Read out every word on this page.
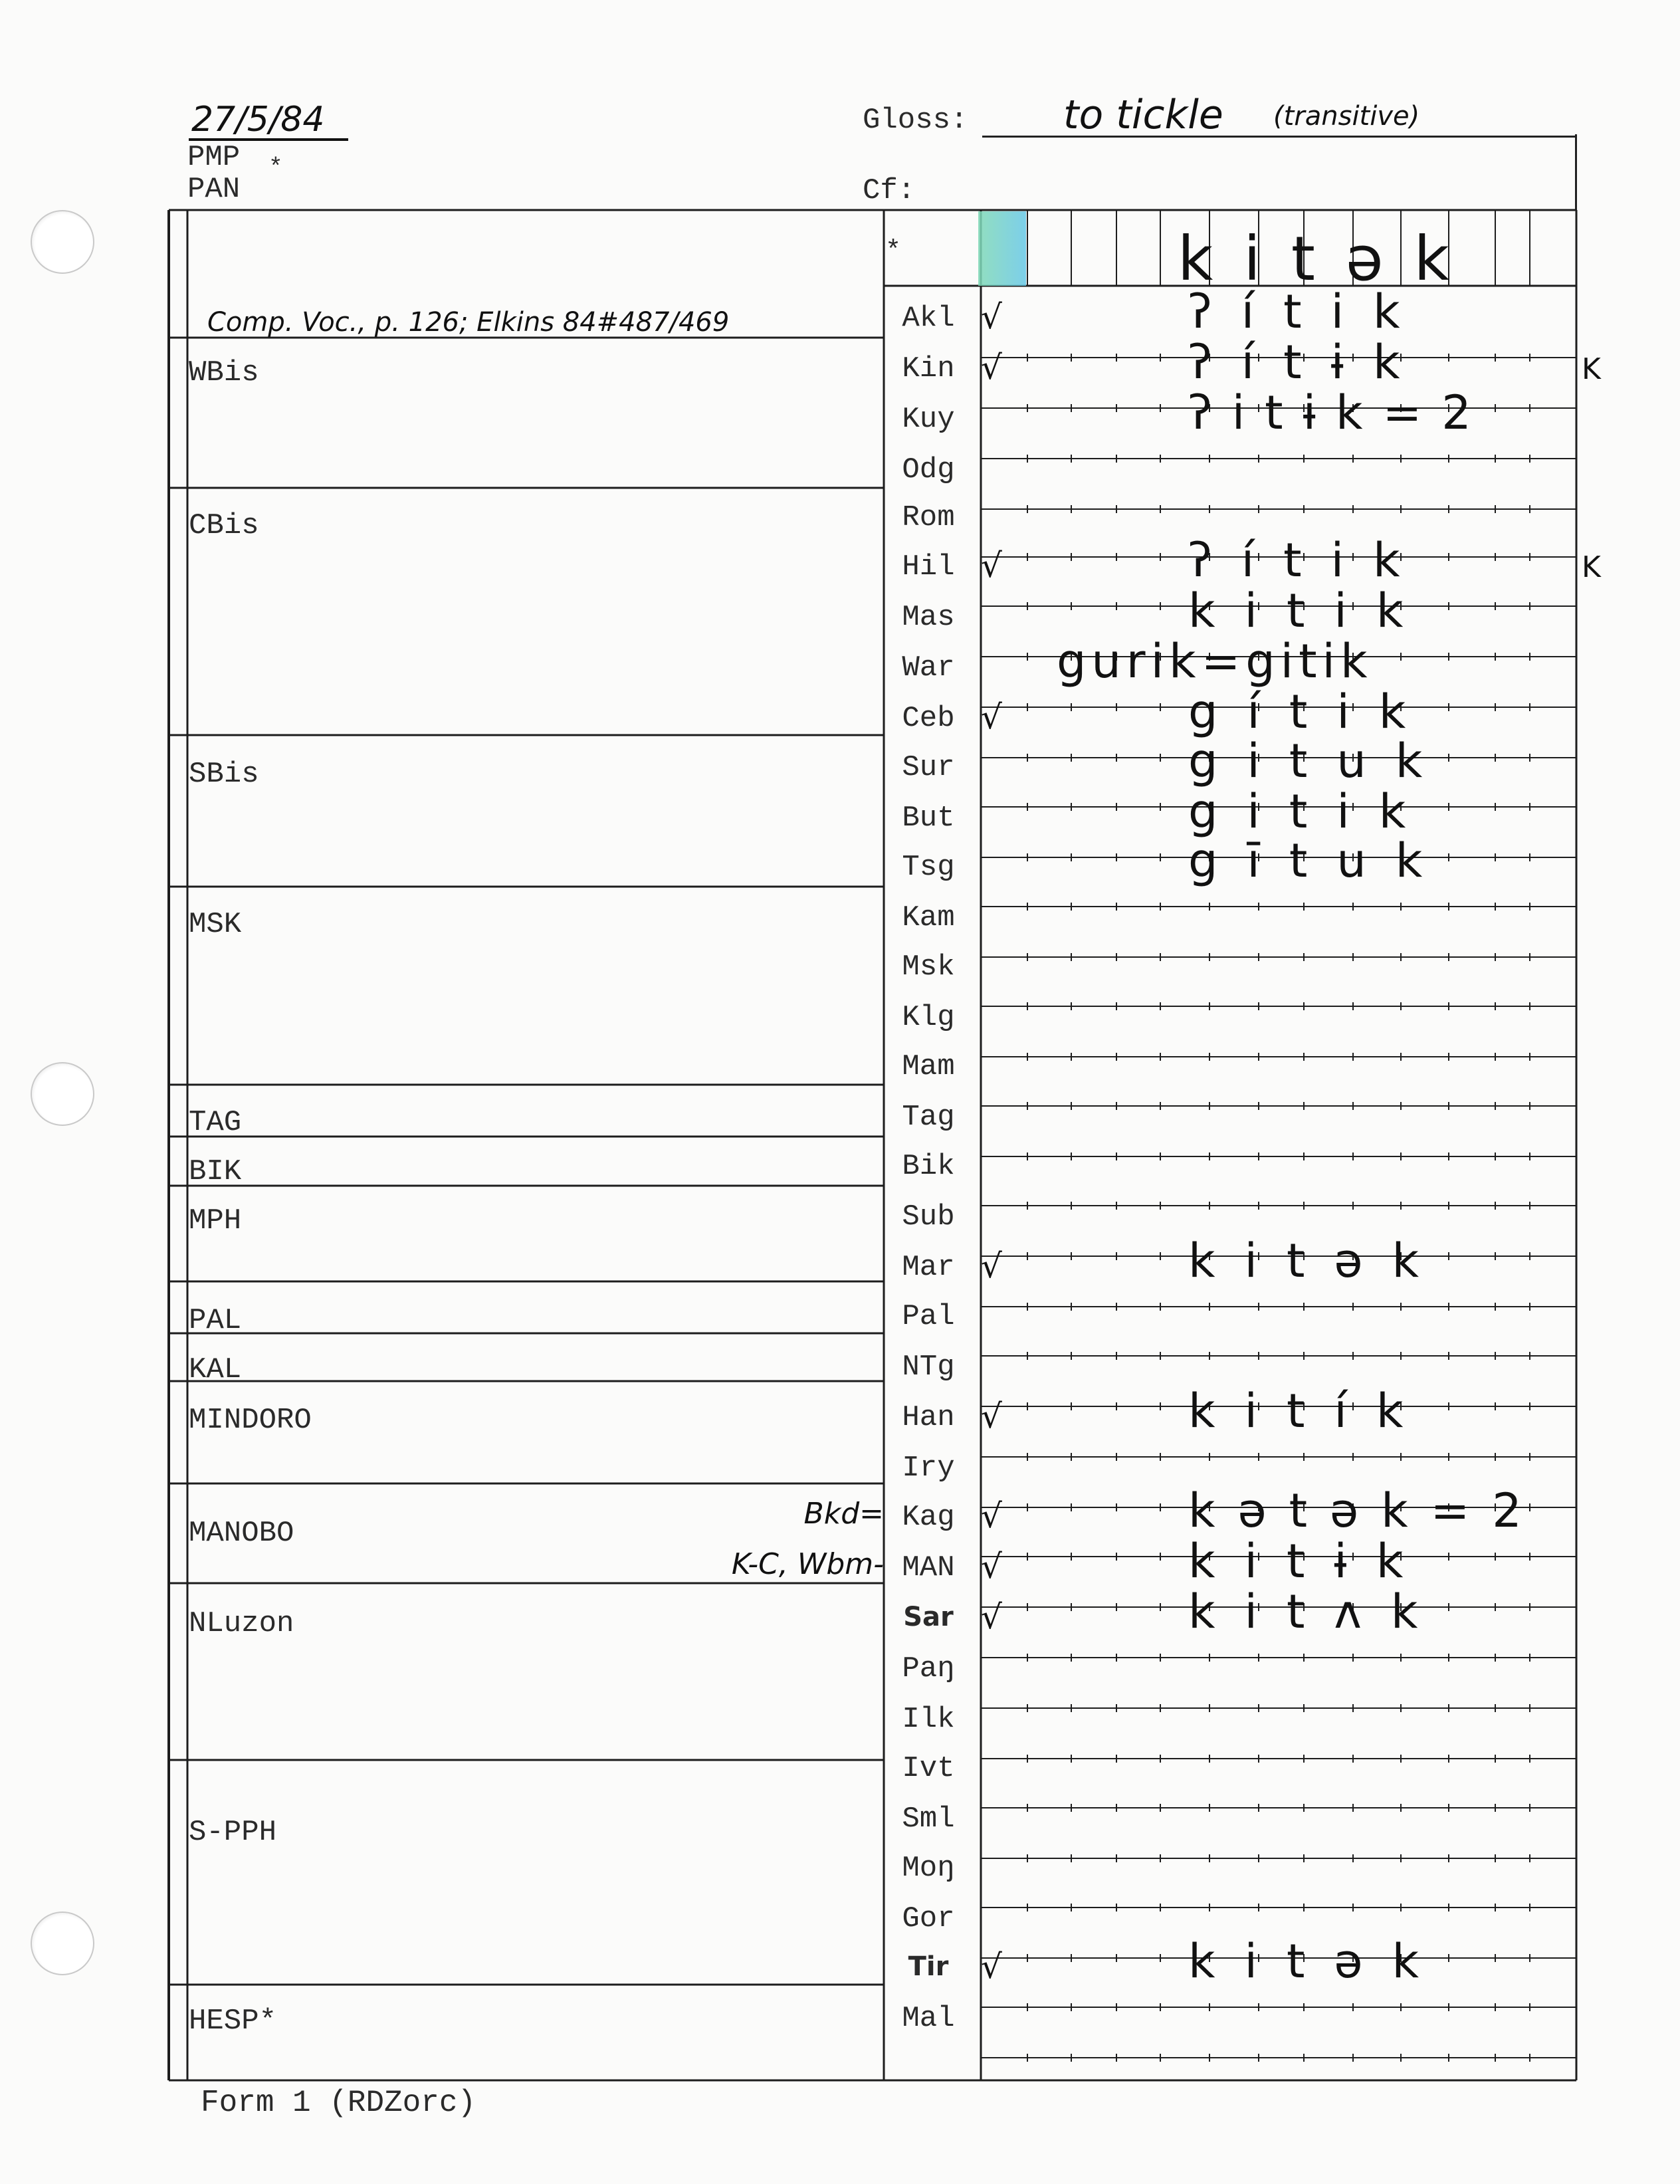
27/5/84
PMP *
PAN
Gloss: to tickle (transitive)
Cf:
*	kitək
Comp. Voc., p. 126; Elkins 84#487/469
WBis
CBis
SBis
MSK
TAG
BIK
MPH
PAL
KAL
MINDORO
MANOBO
NLuzon
S-PPH
HESP*
Akl √	ʔítik
Kin √	ʔítɨk	K
Kuy	ʔitɨk=2
Odg
Rom
Hil √	ʔítik	K
Mas	kitik
War	gurik=gitik
Ceb √	gítik
Sur	gituk
But	gitik
Tsg	gītuk
Kam
Msk
Klg
Mam
Tag
Bik
Sub
Mar √	kitək
Pal
NTg
Han √	kitík
Iry
Kag √	kətək=2
Bkd=
MAN √	kitɨk
K-C, Wbm-
Sar √	kitʌk
Paŋ
Ilk
Ivt
Sml
Moŋ
Gor
Tir √	kitək
Mal
Form 1 (RDZorc)
